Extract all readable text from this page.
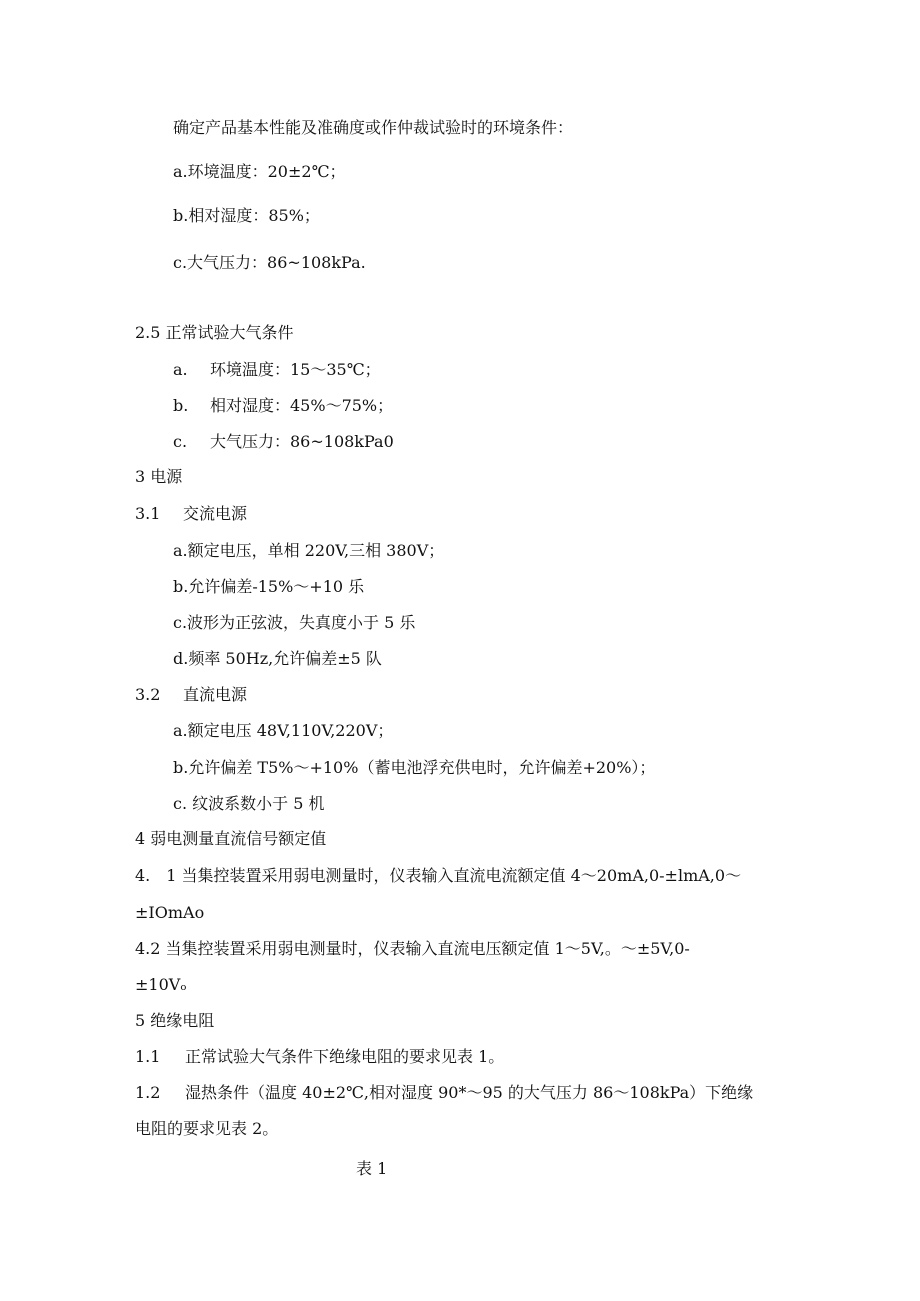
确定产品基本性能及准确度或作仲裁试验时的环境条件：
a.环境温度：20±2℃；
b.相对湿度：85%；
c.大气压力：86~108kPa.
2.5 正常试验大气条件
a. 环境温度：15～35℃；
b. 相对湿度：45%～75%；
c. 大气压力：86~108kPa0
3 电源
3.1 交流电源
a.额定电压，单相 220V,三相 380V；
b.允许偏差-15%～+10 乐
c.波形为正弦波，失真度小于 5 乐
d.频率 50Hz,允许偏差±5 队
3.2 直流电源
a.额定电压 48V,110V,220V；
b.允许偏差 T5%～+10%（蓄电池浮充供电时，允许偏差+20%）；
c. 纹波系数小于 5 机
4 弱电测量直流信号额定值
4.　1 当集控装置采用弱电测量时，仪表输入直流电流额定值 4～20mA,0-±lmA,0～
±IOmAo
4.2 当集控装置采用弱电测量时，仪表输入直流电压额定值 1～5V,。～±5V,0-
±10Vₒ
5 绝缘电阻
1.1 正常试验大气条件下绝缘电阻的要求见表 1。
1.2 湿热条件（温度 40±2℃,相对湿度 90*～95 的大气压力 86～108kPa）下绝缘
电阻的要求见表 2。
表 1
